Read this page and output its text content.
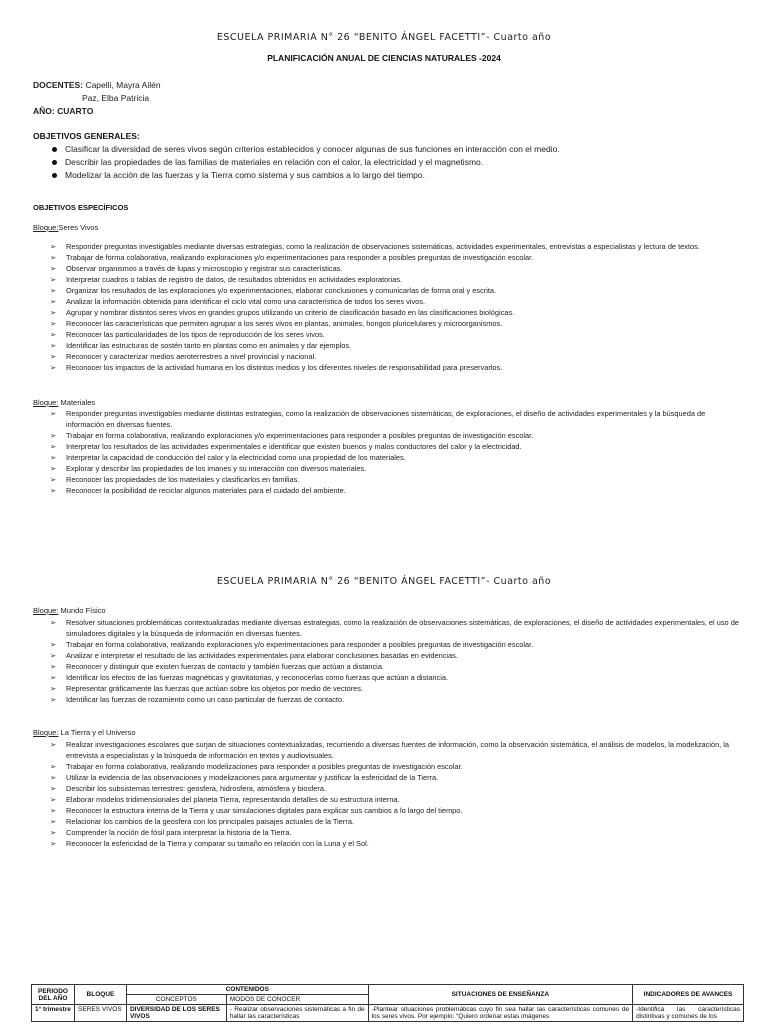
ESCUELA PRIMARIA N° 26 “BENITO ÁNGEL FACETTI”- Cuarto año
PLANIFICACIÓN ANUAL DE CIENCIAS NATURALES -2024
DOCENTES: Capelli, Mayra Ailén
Paz, Elba Patricia
AÑO: CUARTO
OBJETIVOS GENERALES:
Clasificar la diversidad de seres vivos según criterios establecidos y conocer algunas de sus funciones en interacción con el medio.
Describir las propiedades de las familias de materiales en relación con el calor, la electricidad y el magnetismo.
Modelizar la acción de las fuerzas y la Tierra como sistema y sus cambios a lo largo del tiempo.
OBJETIVOS ESPECÍFICOS
Bloque:Seres Vivos
➢ Responder preguntas investigables mediante diversas estrategias, como la realización de observaciones sistemáticas, actividades experimentales, entrevistas a especialistas y lectura de textos.
➢ Trabajar de forma colaborativa, realizando exploraciones y/o experimentaciones para responder a posibles preguntas de investigación escolar.
➢ Observar organismos a través de lupas y microscopio y registrar sus características.
➢ Interpretar cuadros o tablas de registro de datos, de resultados obtenidos en actividades exploratorias.
➢ Organizar los resultados de las exploraciones y/o experimentaciones, elaborar conclusiones y comunicarlas de forma oral y escrita.
➢ Analizar la información obtenida para identificar el ciclo vital como una característica de todos los seres vivos.
➢ Agrupar y nombrar distintos seres vivos en grandes grupos utilizando un criterio de clasificación basado en las clasificaciones biológicas.
➢ Reconocer las características que permiten agrupar a los seres vivos en plantas, animales, hongos pluricelulares y microorganismos.
➢ Reconocer las particularidades de los tipos de reproducción de los seres vivos.
➢ Identificar las estructuras de sostén tanto en plantas como en animales y dar ejemplos.
➢ Reconocer y caracterizar medios aeroterrestres a nivel provincial y nacional.
➢ Reconocer los impactos de la actividad humana en los distintos medios y los diferentes niveles de responsabilidad para preservarlos.
Bloque: Materiales
➢ Responder preguntas investigables mediante distintas estrategias, como la realización de observaciones sistemáticas, de exploraciones, el diseño de actividades experimentales y la búsqueda de información en diversas fuentes.
➢ Trabajar en forma colaborativa, realizando exploraciones y/o experimentaciones para responder a posibles preguntas de investigación escolar.
➢ Interpretar los resultados de las actividades experimentales e identificar que existen buenos y malos conductores del calor y la electricidad.
➢ Interpretar la capacidad de conducción del calor y la electricidad como una propiedad de los materiales.
➢ Explorar y describir las propiedades de los imanes y su interacción con diversos materiales.
➢ Reconocer las propiedades de los materiales y clasificarlos en familias.
➢ Reconocer la posibilidad de reciclar algunos materiales para el cuidado del ambiente.
ESCUELA PRIMARIA N° 26 “BENITO ÁNGEL FACETTI”- Cuarto año
Bloque: Mundo Físico
➢ Resolver situaciones problemáticas contextualizadas mediante diversas estrategias, como la realización de observaciones sistemáticas, de exploraciones, el diseño de actividades experimentales, el uso de simuladores digitales y la búsqueda de información en diversas fuentes.
➢ Trabajar en forma colaborativa, realizando exploraciones y/o experimentaciones para responder a posibles preguntas de investigación escolar.
➢ Analizar e interpretar el resultado de las actividades experimentales para elaborar conclusiones basadas en evidencias.
➢ Reconocer y distinguir que existen fuerzas de contacto y también fuerzas que actúan a distancia.
➢ Identificar los efectos de las fuerzas magnéticas y gravitatorias, y reconocerlas como fuerzas que actúan a distancia.
➢ Representar gráficamente las fuerzas que actúan sobre los objetos por medio de vectores.
➢ Identificar las fuerzas de rozamiento como un caso particular de fuerzas de contacto.
Bloque: La Tierra y el Universo
➢ Realizar investigaciones escolares que surjan de situaciones contextualizadas, recurriendo a diversas fuentes de información, como la observación sistemática, el análisis de modelos, la modelización, la entrevista a especialistas y la búsqueda de información en textos y audiovisuales.
➢ Trabajar en forma colaborativa, realizando modelizaciones para responder a posibles preguntas de investigación escolar.
➢ Utilizar la evidencia de las observaciones y modelizaciones para argumentar y justificar la esfericidad de la Tierra.
➢ Describir los subsistemas terrestres: geosfera, hidrosfera, atmósfera y biosfera.
➢ Elaborar modelos tridimensionales del planeta Tierra, representando detalles de su estructura interna.
➢ Reconocer la estructura interna de la Tierra y usar simulaciones digitales para explicar sus cambios a lo largo del tiempo.
➢ Relacionar los cambios de la geosfera con los principales paisajes actuales de la Tierra.
➢ Comprender la noción de fósil para interpretar la historia de la Tierra.
➢ Reconocer la esfericidad de la Tierra y comparar su tamaño en relación con la Luna y el Sol.
PERIODO DEL AÑO	BLOQUE	CONTENIDOS		SITUACIONES DE ENSEÑANZA	INDICADORES DE AVANCES
		CONCEPTOS	MODOS DE CONOCER		
1° trimestre	SERES VIVOS	DIVERSIDAD DE LOS SERES VIVOS	- Realizar observaciones sistemáticas a fin de hallar las características	-Plantear situaciones problemáticas cuyo fin sea hallar las características comunes de los seres vivos. Por ejemplo: “Quiero ordenar estas imágenes	-Identifica las características distintivas y comunes de los
